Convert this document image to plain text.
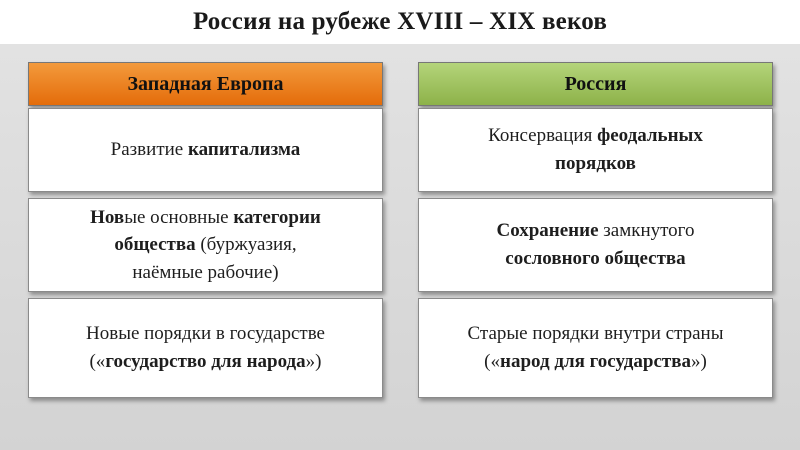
Россия на рубеже XVIII – XIX веков
Западная Европа
Развитие капитализма
Новые основные категории
общества (буржуазия,
наёмные рабочие)
Новые порядки в государстве
(«государство для народа»)
Россия
Консервация феодальных
порядков
Сохранение замкнутого
сословного общества
Старые порядки внутри страны
(«народ для государства»)
